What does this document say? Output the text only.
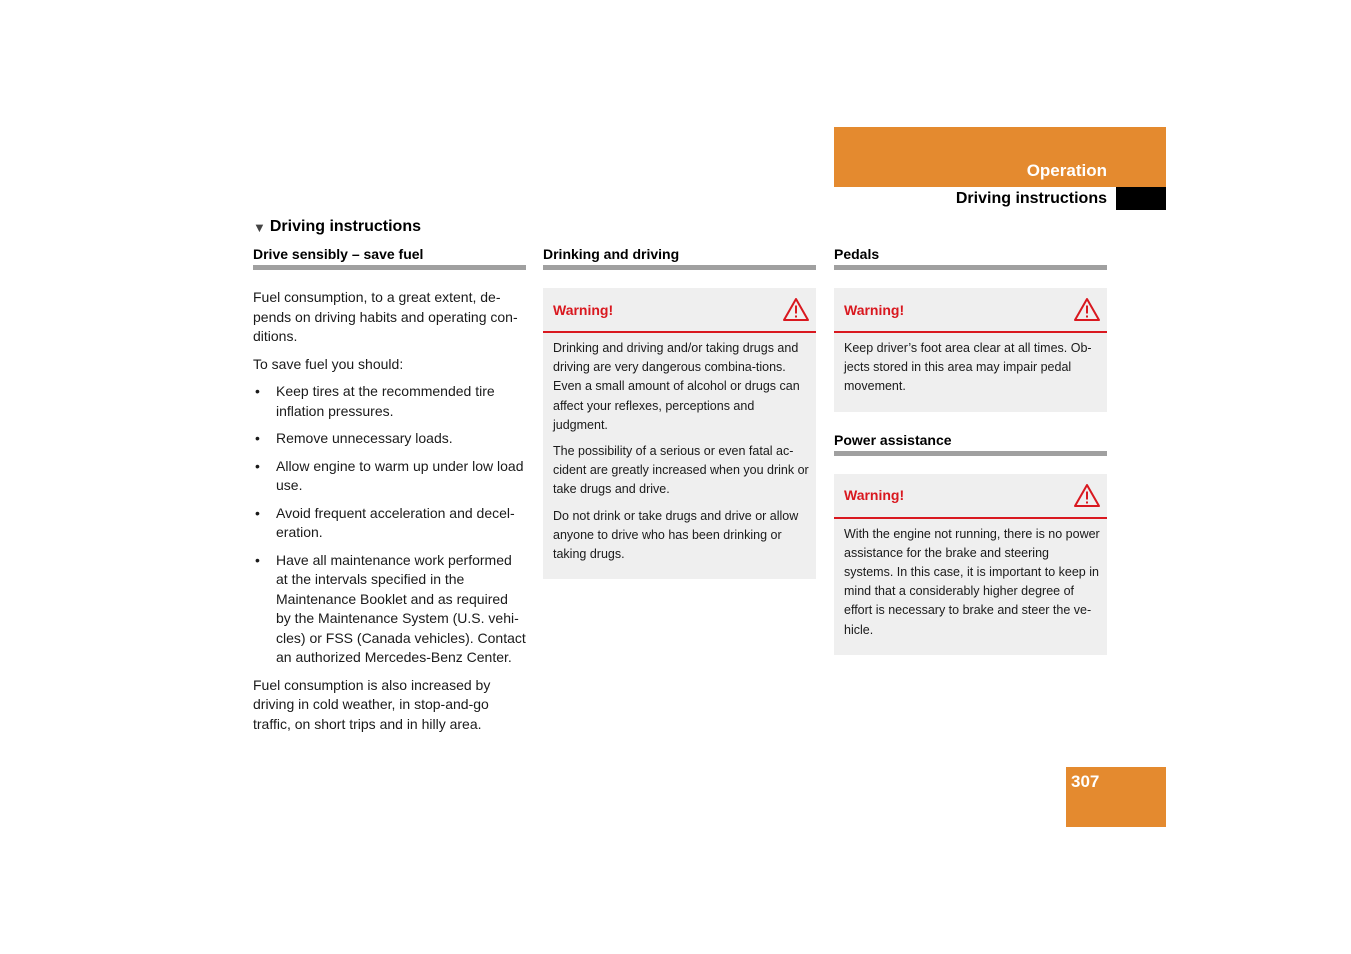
Operation
Driving instructions
▼ Driving instructions
Drive sensibly – save fuel

Fuel consumption, to a great extent, de-pends on driving habits and operating con-ditions.

To save fuel you should:

• Keep tires at the recommended tire inflation pressures.
• Remove unnecessary loads.
• Allow engine to warm up under low load use.
• Avoid frequent acceleration and decel-eration.
• Have all maintenance work performed at the intervals specified in the Maintenance Booklet and as required by the Maintenance System (U.S. vehi-cles) or FSS (Canada vehicles). Contact an authorized Mercedes-Benz Center.

Fuel consumption is also increased by driving in cold weather, in stop-and-go traffic, on short trips and in hilly area.

Drinking and driving
Warning!

Drinking and driving and/or taking drugs and driving are very dangerous combina-tions. Even a small amount of alcohol or drugs can affect your reflexes, perceptions and judgment.

The possibility of a serious or even fatal ac-cident are greatly increased when you drink or take drugs and drive.

Do not drink or take drugs and drive or allow anyone to drive who has been drinking or taking drugs.

Pedals
Warning!

Keep driver’s foot area clear at all times. Ob-jects stored in this area may impair pedal movement.

Power assistance
Warning!

With the engine not running, there is no power assistance for the brake and steering systems. In this case, it is important to keep in mind that a considerably higher degree of effort is necessary to brake and steer the ve-hicle.

307
